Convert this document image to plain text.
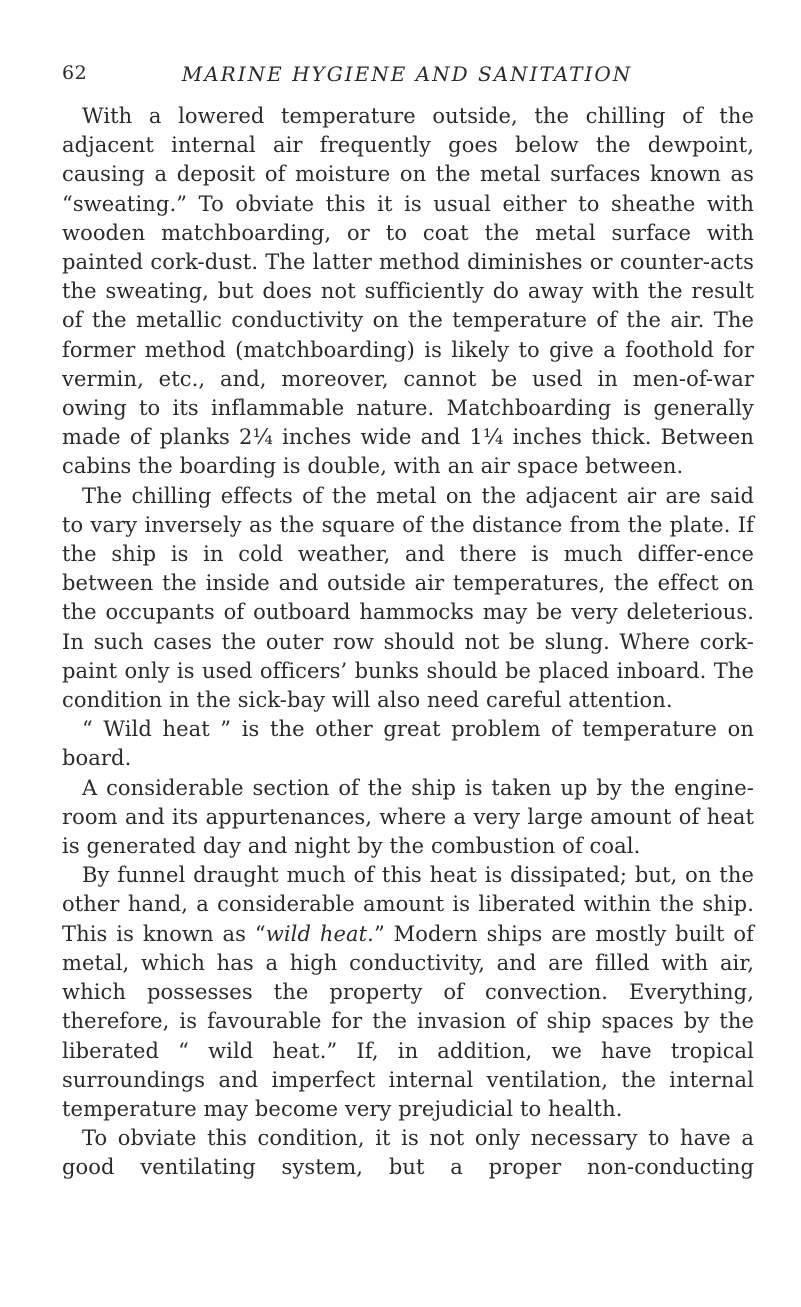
62	MARINE HYGIENE AND SANITATION

With a lowered temperature outside, the chilling of the adjacent internal air frequently goes below the dewpoint, causing a deposit of moisture on the metal surfaces known as “sweating.” To obviate this it is usual either to sheathe with wooden matchboarding, or to coat the metal surface with painted cork-dust. The latter method diminishes or counter-acts the sweating, but does not sufficiently do away with the result of the metallic conductivity on the temperature of the air. The former method (matchboarding) is likely to give a foothold for vermin, etc., and, moreover, cannot be used in men-of-war owing to its inflammable nature. Matchboarding is generally made of planks 2¼ inches wide and 1¼ inches thick. Between cabins the boarding is double, with an air space between.

The chilling effects of the metal on the adjacent air are said to vary inversely as the square of the distance from the plate. If the ship is in cold weather, and there is much differ-ence between the inside and outside air temperatures, the effect on the occupants of outboard hammocks may be very deleterious. In such cases the outer row should not be slung. Where cork-paint only is used officers’ bunks should be placed inboard. The condition in the sick-bay will also need careful attention.

“ Wild heat ” is the other great problem of temperature on board.

A considerable section of the ship is taken up by the engine-room and its appurtenances, where a very large amount of heat is generated day and night by the combustion of coal.

By funnel draught much of this heat is dissipated; but, on the other hand, a considerable amount is liberated within the ship. This is known as “wild heat.” Modern ships are mostly built of metal, which has a high conductivity, and are filled with air, which possesses the property of convection. Everything, therefore, is favourable for the invasion of ship spaces by the liberated “ wild heat.” If, in addition, we have tropical surroundings and imperfect internal ventilation, the internal temperature may become very prejudicial to health.

To obviate this condition, it is not only necessary to have a good ventilating system, but a proper non-conducting
